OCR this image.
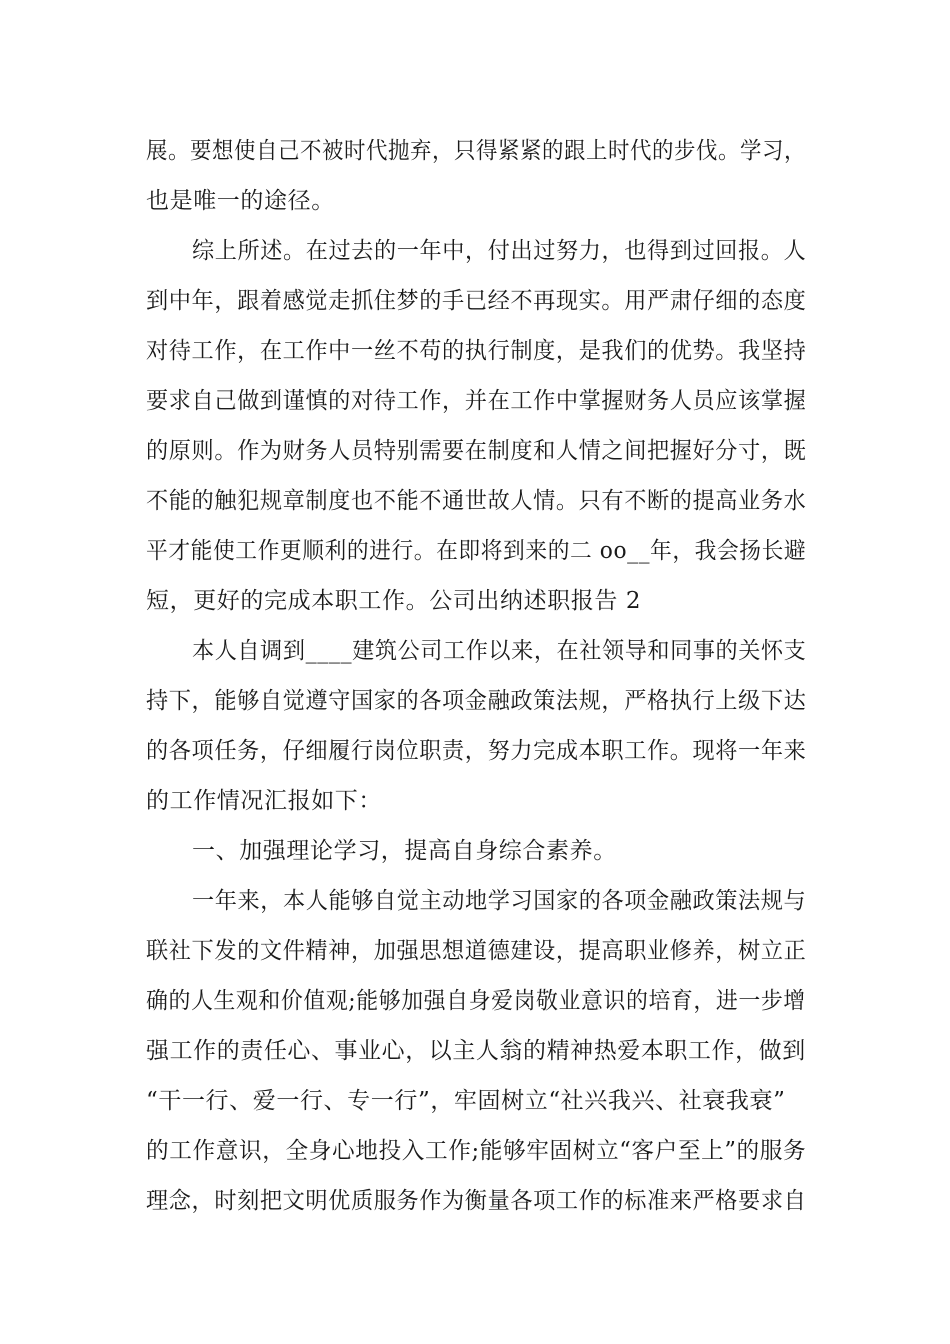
展。要想使自己不被时代抛弃，只得紧紧的跟上时代的步伐。学习，
也是唯一的途径。
综上所述。在过去的一年中，付出过努力，也得到过回报。人
到中年，跟着感觉走抓住梦的手已经不再现实。用严肃仔细的态度
对待工作，在工作中一丝不苟的执行制度，是我们的优势。我坚持
要求自己做到谨慎的对待工作，并在工作中掌握财务人员应该掌握
的原则。作为财务人员特别需要在制度和人情之间把握好分寸，既
不能的触犯规章制度也不能不通世故人情。只有不断的提高业务水
平才能使工作更顺利的进行。在即将到来的二 oo__年，我会扬长避
短，更好的完成本职工作。公司出纳述职报告 2
本人自调到____建筑公司工作以来，在社领导和同事的关怀支
持下，能够自觉遵守国家的各项金融政策法规，严格执行上级下达
的各项任务，仔细履行岗位职责，努力完成本职工作。现将一年来
的工作情况汇报如下：
一、加强理论学习，提高自身综合素养。
一年来，本人能够自觉主动地学习国家的各项金融政策法规与
联社下发的文件精神，加强思想道德建设，提高职业修养，树立正
确的人生观和价值观;能够加强自身爱岗敬业意识的培育，进一步增
强工作的责任心、事业心，以主人翁的精神热爱本职工作，做到
“干一行、爱一行、专一行”，牢固树立“社兴我兴、社衰我衰”
的工作意识，全身心地投入工作;能够牢固树立“客户至上”的服务
理念，时刻把文明优质服务作为衡量各项工作的标准来严格要求自
